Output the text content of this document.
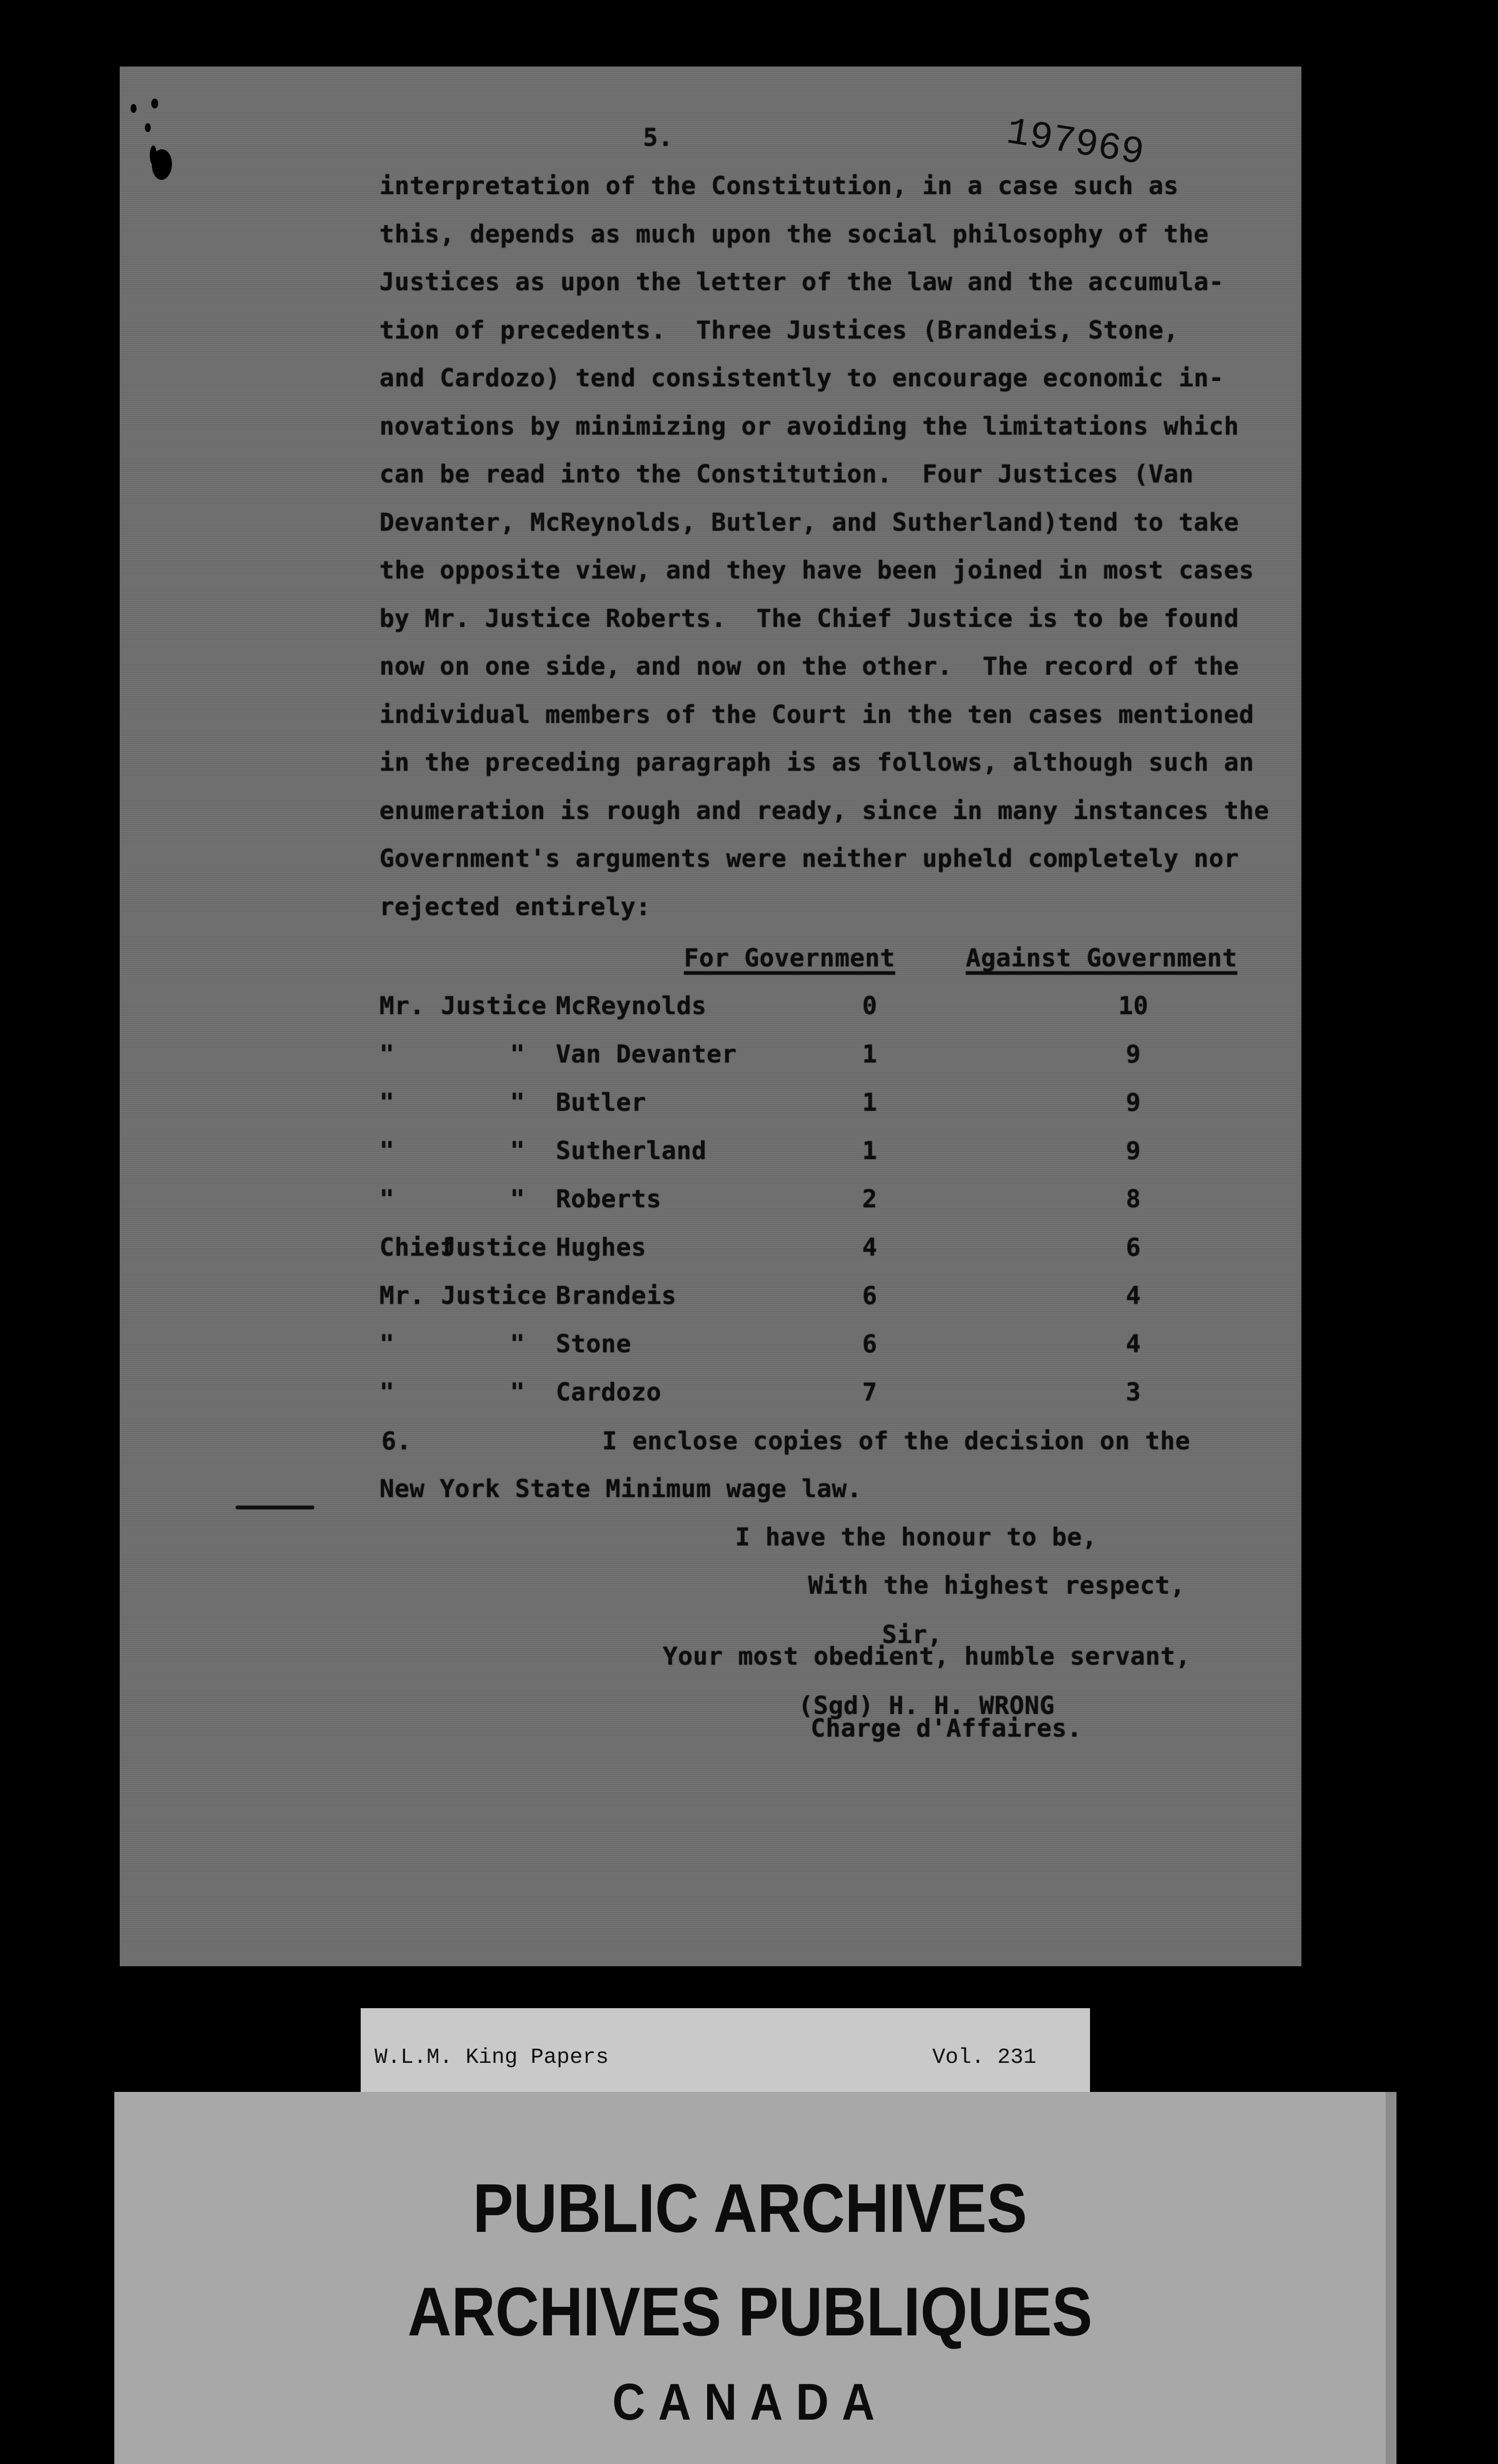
5.	197969
interpretation of the Constitution, in a case such as
this, depends as much upon the social philosophy of the
Justices as upon the letter of the law and the accumula-
tion of precedents.  Three Justices (Brandeis, Stone,
and Cardozo) tend consistently to encourage economic in-
novations by minimizing or avoiding the limitations which
can be read into the Constitution.  Four Justices (Van
Devanter, McReynolds, Butler, and Sutherland)tend to take
the opposite view, and they have been joined in most cases
by Mr. Justice Roberts.  The Chief Justice is to be found
now on one side, and now on the other.  The record of the
individual members of the Court in the ten cases mentioned
in the preceding paragraph is as follows, although such an
enumeration is rough and ready, since in many instances the
Government's arguments were neither upheld completely nor
rejected entirely:
For Government	Against Government
Mr. Justice McReynolds	0	10
"	" Van Devanter	1	9
"	" Butler	1	9
"	" Sutherland	1	9
"	" Roberts	2	8
Chief
Justice Hughes	4	6
Mr. Justice Brandeis	6	4
"	" Stone	6	4
"	" Cardozo	7	3
6.	I enclose copies of the decision on the
New York State Minimum wage law.
I have the honour to be,
With the highest respect,
Sir,
Your most obedient, humble servant,
(Sgd) H. H. WRONG
Charge d'Affaires.
W.L.M. King Papers	Vol. 231
PUBLIC ARCHIVES
ARCHIVES PUBLIQUES
CANADA
